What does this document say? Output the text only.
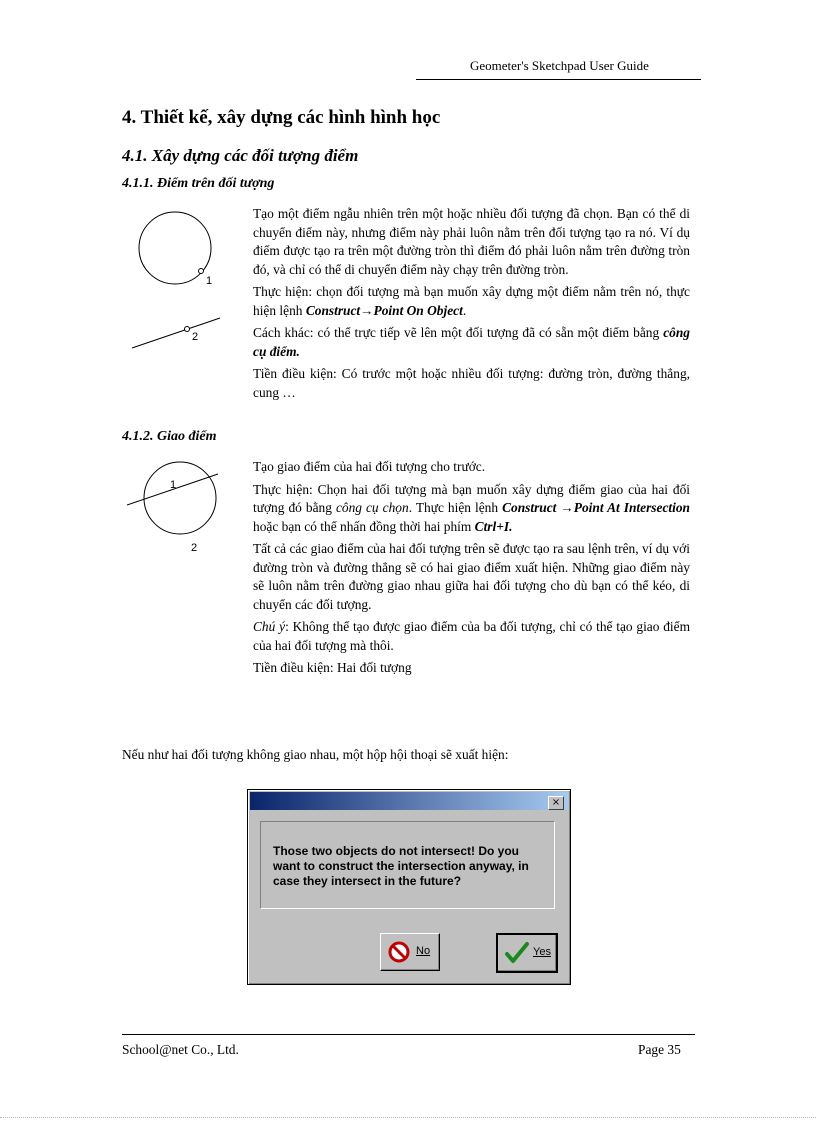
Geometer's Sketchpad User Guide
4. Thiết kế, xây dựng các hình hình học
4.1. Xây dựng các đối tượng điểm
4.1.1. Điểm trên đối tượng
1
2

Tạo một điểm ngẫu nhiên trên một hoặc nhiều đối tượng đã chọn. Bạn có thể di chuyển điểm này, nhưng điểm này phải luôn nằm trên đối tượng tạo ra nó. Ví dụ điểm được tạo ra trên một đường tròn thì điểm đó phải luôn nằm trên đường tròn đó, và chỉ có thể di chuyển điểm này chạy trên đường tròn.

Thực hiện: chọn đối tượng mà bạn muốn xây dựng một điểm nằm trên nó, thực hiện lệnh Construct→Point On Object.

Cách khác: có thể trực tiếp vẽ lên một đối tượng đã có sẵn một điểm bằng công cụ điểm.

Tiền điều kiện: Có trước một hoặc nhiều đối tượng: đường tròn, đường thẳng, cung …

4.1.2. Giao điểm
1
2

Tạo giao điểm của hai đối tượng cho trước.

Thực hiện: Chọn hai đối tượng mà bạn muốn xây dựng điểm giao của hai đối tượng đó bằng công cụ chọn. Thực hiện lệnh Construct →Point At Intersection hoặc bạn có thể nhấn đồng thời hai phím Ctrl+I.

Tất cả các giao điểm của hai đối tượng trên sẽ được tạo ra sau lệnh trên, ví dụ với đường tròn và đường thẳng sẽ có hai giao điểm xuất hiện. Những giao điểm này sẽ luôn nằm trên đường giao nhau giữa hai đối tượng cho dù bạn có thể kéo, di chuyển các đối tượng.

Chú ý: Không thể tạo được giao điểm của ba đối tượng, chỉ có thể tạo giao điểm của hai đối tượng mà thôi.

Tiền điều kiện: Hai đối tượng

Nếu như hai đối tượng không giao nhau, một hộp hội thoại sẽ xuất hiện:
×
Those two objects do not intersect! Do you want to construct the intersection anyway, in case they intersect in the future?
No	Yes
School@net Co., Ltd.	Page 35
